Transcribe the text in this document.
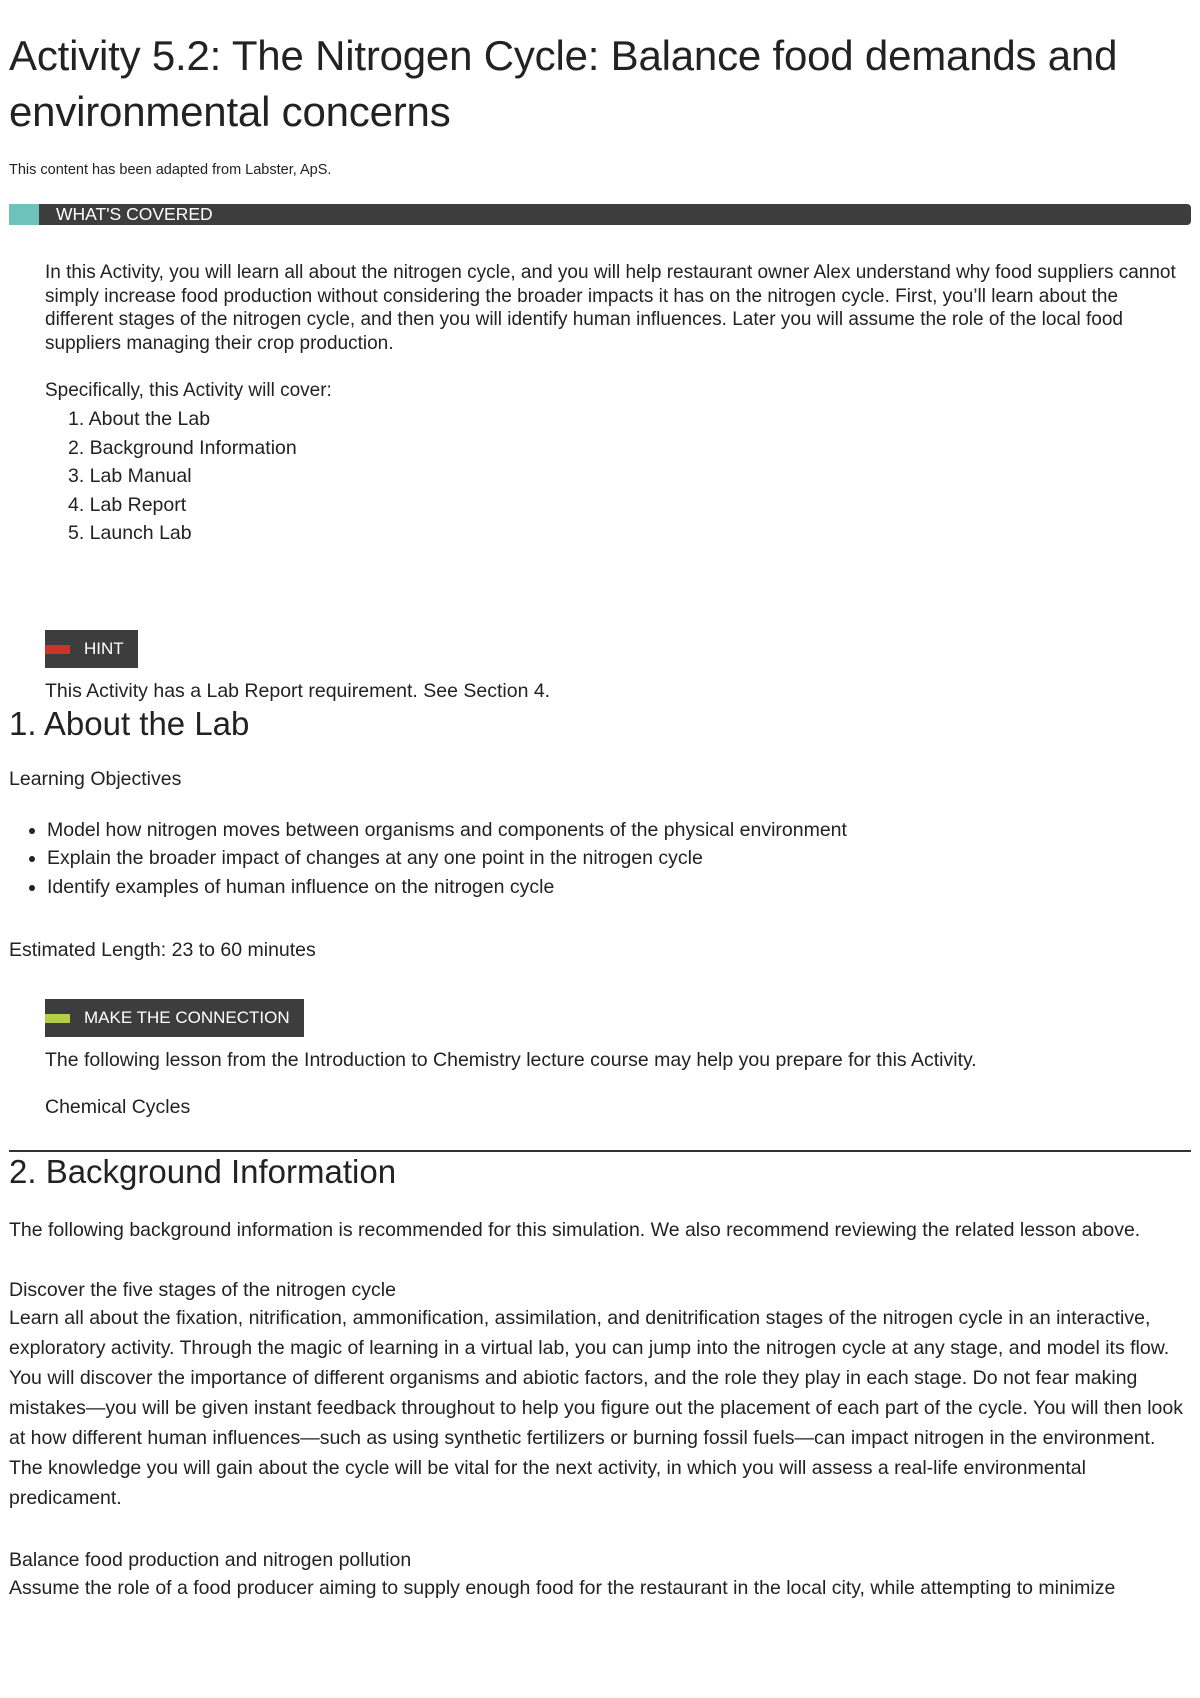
Activity 5.2: The Nitrogen Cycle: Balance food demands and environmental concerns
This content has been adapted from Labster, ApS.
WHAT'S COVERED
In this Activity, you will learn all about the nitrogen cycle, and you will help restaurant owner Alex understand why food suppliers cannot simply increase food production without considering the broader impacts it has on the nitrogen cycle. First, you’ll learn about the different stages of the nitrogen cycle, and then you will identify human influences. Later you will assume the role of the local food suppliers managing their crop production.
Specifically, this Activity will cover:
1. About the Lab
2. Background Information
3. Lab Manual
4. Lab Report
5. Launch Lab
HINT
This Activity has a Lab Report requirement. See Section 4.
1. About the Lab
Learning Objectives
• Model how nitrogen moves between organisms and components of the physical environment
• Explain the broader impact of changes at any one point in the nitrogen cycle
• Identify examples of human influence on the nitrogen cycle
Estimated Length: 23 to 60 minutes
MAKE THE CONNECTION
The following lesson from the Introduction to Chemistry lecture course may help you prepare for this Activity.
Chemical Cycles
2. Background Information
The following background information is recommended for this simulation. We also recommend reviewing the related lesson above.
Discover the five stages of the nitrogen cycle
Learn all about the fixation, nitrification, ammonification, assimilation, and denitrification stages of the nitrogen cycle in an interactive, exploratory activity. Through the magic of learning in a virtual lab, you can jump into the nitrogen cycle at any stage, and model its flow. You will discover the importance of different organisms and abiotic factors, and the role they play in each stage. Do not fear making mistakes—you will be given instant feedback throughout to help you figure out the placement of each part of the cycle. You will then look at how different human influences—such as using synthetic fertilizers or burning fossil fuels—can impact nitrogen in the environment. The knowledge you will gain about the cycle will be vital for the next activity, in which you will assess a real-life environmental predicament.
Balance food production and nitrogen pollution
Assume the role of a food producer aiming to supply enough food for the restaurant in the local city, while attempting to minimize
